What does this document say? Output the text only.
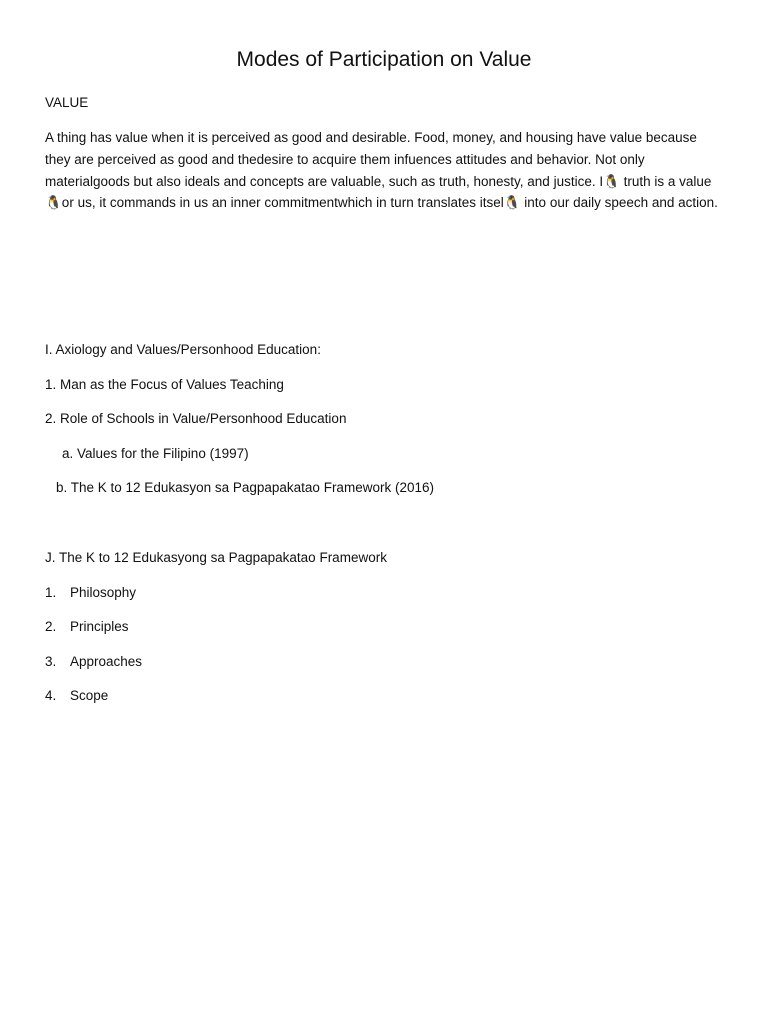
Modes of Participation on Value

VALUE

A thing has value when it is perceived as good and desirable. Food, money, and housing have value because they are perceived as good and thedesire to acquire them infuences attitudes and behavior. Not only materialgoods but also ideals and concepts are valuable, such as truth, honesty, and justice. I🐧 truth is a value 🐧or us, it commands in us an inner commitmentwhich in turn translates itsel🐧 into our daily speech and action.

I. Axiology and Values/Personhood Education:

1. Man as the Focus of Values Teaching

2. Role of Schools in Value/Personhood Education

a. Values for the Filipino (1997)

b. The K to 12 Edukasyon sa Pagpapakatao Framework (2016)

J. The K to 12 Edukasyong sa Pagpapakatao Framework

1. Philosophy

2. Principles

3. Approaches

4. Scope
